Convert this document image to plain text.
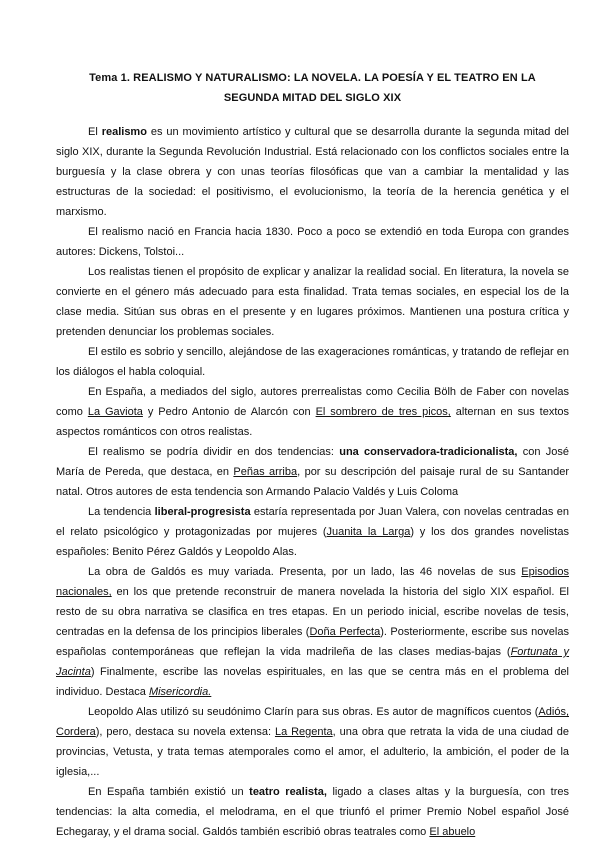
Tema 1. REALISMO Y NATURALISMO: LA NOVELA. LA POESÍA Y EL TEATRO EN LA
SEGUNDA MITAD DEL SIGLO XIX

El realismo es un movimiento artístico y cultural que se desarrolla durante la segunda mitad del siglo XIX, durante la Segunda Revolución Industrial. Está relacionado con los conflictos sociales entre la burguesía y la clase obrera y con unas teorías filosóficas que van a cambiar la mentalidad y las estructuras de la sociedad: el positivismo, el evolucionismo, la teoría de la herencia genética y el marxismo.

El realismo nació en Francia hacia 1830. Poco a poco se extendió en toda Europa con grandes autores: Dickens, Tolstoi...

Los realistas tienen el propósito de explicar y analizar la realidad social. En literatura, la novela se convierte en el género más adecuado para esta finalidad. Trata temas sociales, en especial los de la clase media. Sitúan sus obras en el presente y en lugares próximos. Mantienen una postura crítica y pretenden denunciar los problemas sociales.

El estilo es sobrio y sencillo, alejándose de las exageraciones románticas, y tratando de reflejar en los diálogos el habla coloquial.

En España, a mediados del siglo, autores prerrealistas como Cecilia Bölh de Faber con novelas como La Gaviota y Pedro Antonio de Alarcón con El sombrero de tres picos, alternan en sus textos aspectos románticos con otros realistas.

El realismo se podría dividir en dos tendencias: una conservadora-tradicionalista, con José María de Pereda, que destaca, en Peñas arriba, por su descripción del paisaje rural de su Santander natal. Otros autores de esta tendencia son Armando Palacio Valdés y Luis Coloma

La tendencia liberal-progresista estaría representada por Juan Valera, con novelas centradas en el relato psicológico y protagonizadas por mujeres (Juanita la Larga) y los dos grandes novelistas españoles: Benito Pérez Galdós y Leopoldo Alas.

La obra de Galdós es muy variada. Presenta, por un lado, las 46 novelas de sus Episodios nacionales, en los que pretende reconstruir de manera novelada la historia del siglo XIX español. El resto de su obra narrativa se clasifica en tres etapas. En un periodo inicial, escribe novelas de tesis, centradas en la defensa de los principios liberales (Doña Perfecta). Posteriormente, escribe sus novelas españolas contemporáneas que reflejan la vida madrileña de las clases medias-bajas (Fortunata y Jacinta) Finalmente, escribe las novelas espirituales, en las que se centra más en el problema del individuo. Destaca Misericordia.

Leopoldo Alas utilizó su seudónimo Clarín para sus obras. Es autor de magníficos cuentos (Adiós, Cordera), pero, destaca su novela extensa: La Regenta, una obra que retrata la vida de una ciudad de provincias, Vetusta, y trata temas atemporales como el amor, el adulterio, la ambición, el poder de la iglesia,...

En España también existió un teatro realista, ligado a clases altas y la burguesía, con tres tendencias: la alta comedia, el melodrama, en el que triunfó el primer Premio Nobel español José Echegaray, y el drama social. Galdós también escribió obras teatrales como El abuelo
